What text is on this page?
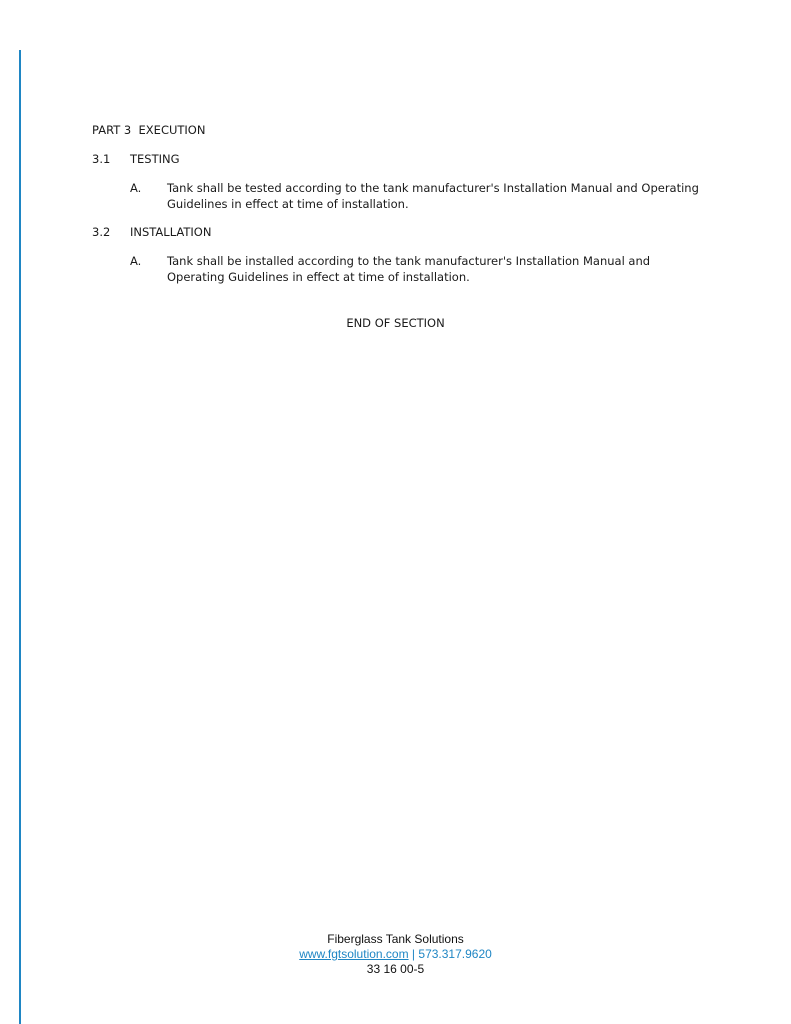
PART 3 EXECUTION
3.1 TESTING
A. Tank shall be tested according to the tank manufacturer's Installation Manual and Operating Guidelines in effect at time of installation.
3.2 INSTALLATION
A. Tank shall be installed according to the tank manufacturer's Installation Manual and Operating Guidelines in effect at time of installation.
END OF SECTION
Fiberglass Tank Solutions
www.fgtsolution.com | 573.317.9620
33 16 00-5
